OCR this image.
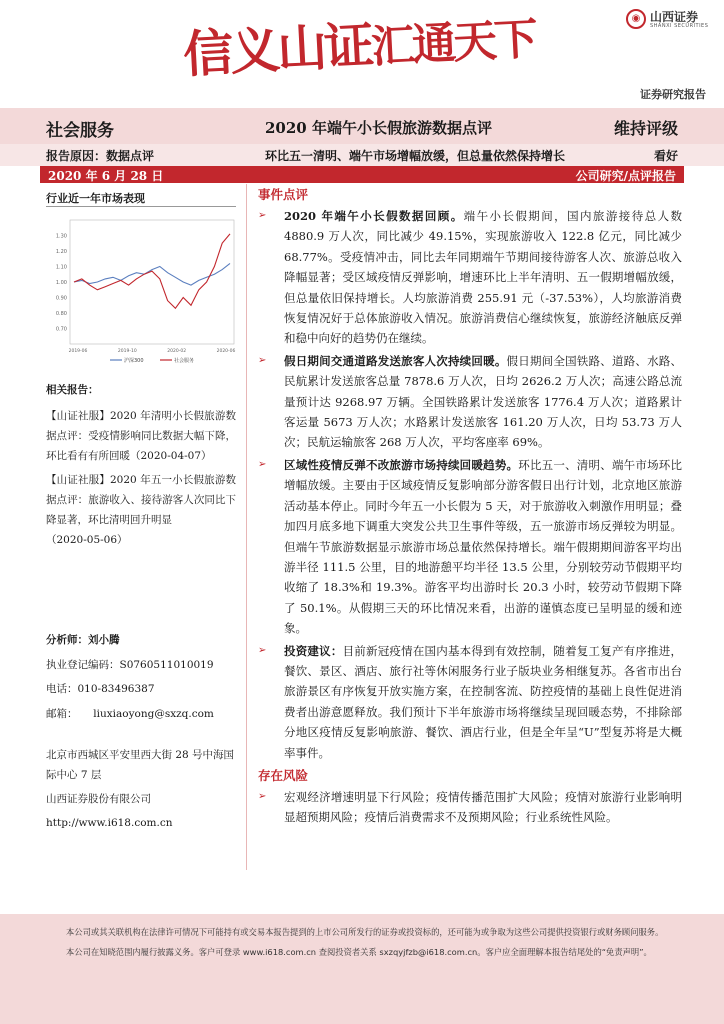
信义山证汇通天下	◉ 山西证券
SHANXI SECURITIES
证券研究报告
社会服务	2020 年端午小长假旅游数据点评	维持评级
报告原因：数据点评	环比五一清明、端午市场增幅放缓，但总量依然保持增长	看好
2020 年 6 月 28 日	公司研究/点评报告
行业近一年市场表现
1.30
1.20
1.10
1.00
0.90
0.80
0.70
2019-06	2019-10	2020-02	2020-06
沪深300	社会服务
相关报告：
【山证社服】2020 年清明小长假旅游数据点评：受疫情影响同比数据大幅下降，环比看有有所回暖（2020-04-07）
【山证社服】2020 年五一小长假旅游数据点评：旅游收入、接待游客人次同比下降显著，环比清明回升明显
（2020-05-06）
分析师：刘小腾
执业登记编码：S0760511010019
电话：010-83496387
邮箱：　　liuxiaoyong@sxzq.com
北京市西城区平安里西大街 28 号中海国际中心 7 层
山西证券股份有限公司
http://www.i618.com.cn
事件点评
➢ 2020 年端午小长假数据回顾。端午小长假期间，国内旅游接待总人数 4880.9 万人次，同比减少 49.15%，实现旅游收入 122.8 亿元，同比减少 68.77%。受疫情冲击，同比去年同期端午节期间接待游客人次、旅游总收入降幅显著；受区域疫情反弹影响，增速环比上半年清明、五一假期增幅放缓，但总量依旧保持增长。人均旅游消费 255.91 元（-37.53%），人均旅游消费恢复情况好于总体旅游收入情况。旅游消费信心继续恢复，旅游经济触底反弹和稳中向好的趋势仍在继续。
➢ 假日期间交通道路发送旅客人次持续回暖。假日期间全国铁路、道路、水路、民航累计发送旅客总量 7878.6 万人次，日均 2626.2 万人次；高速公路总流量预计达 9268.97 万辆。全国铁路累计发送旅客 1776.4 万人次；道路累计客运量 5673 万人次；水路累计发送旅客 161.20 万人次，日均 53.73 万人次；民航运输旅客 268 万人次，平均客座率 69%。
➢ 区域性疫情反弹不改旅游市场持续回暖趋势。环比五一、清明、端午市场环比增幅放缓。主要由于区域疫情反复影响部分游客假日出行计划，北京地区旅游活动基本停止。同时今年五一小长假为 5 天，对于旅游收入刺激作用明显；叠加四月底多地下调重大突发公共卫生事件等级，五一旅游市场反弹较为明显。但端午节旅游数据显示旅游市场总量依然保持增长。端午假期期间游客平均出游半径 111.5 公里，目的地游憩平均半径 13.5 公里，分别较劳动节假期平均收缩了 18.3%和 19.3%。游客平均出游时长 20.3 小时，较劳动节假期下降了 50.1%。从假期三天的环比情况来看，出游的谨慎态度已呈明显的缓和迹象。
➢ 投资建议：目前新冠疫情在国内基本得到有效控制，随着复工复产有序推进，餐饮、景区、酒店、旅行社等休闲服务行业子版块业务相继复苏。各省市出台旅游景区有序恢复开放实施方案，在控制客流、防控疫情的基础上良性促进消费者出游意愿释放。我们预计下半年旅游市场将继续呈现回暖态势，不排除部分地区疫情反复影响旅游、餐饮、酒店行业，但是全年呈“U”型复苏将是大概率事件。
存在风险
➢ 宏观经济增速明显下行风险；疫情传播范围扩大风险；疫情对旅游行业影响明显超预期风险；疫情后消费需求不及预期风险；行业系统性风险。

本公司或其关联机构在法律许可情况下可能持有或交易本报告提到的上市公司所发行的证券或投资标的，还可能为或争取为这些公司提供投资银行或财务顾问服务。本公司在知晓范围内履行披露义务。客户可登录 www.i618.com.cn 查阅投资者关系 sxzqyjfzb@i618.com.cn。客户应全面理解本报告结尾处的“免责声明”。
